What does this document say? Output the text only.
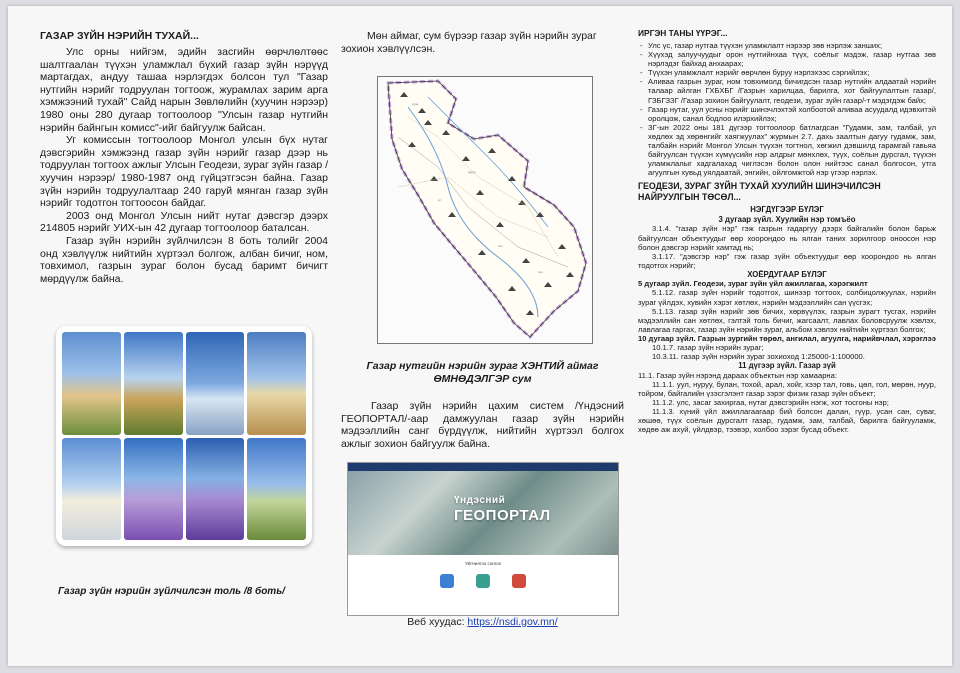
ГАЗАР ЗҮЙН НЭРИЙН ТУХАЙ...

Улс орны нийгэм, эдийн засгийн өөрчлөлтөөс шалтгаалан түүхэн уламжлал бүхий газар зүйн нэрүүд мартагдах, андуу ташаа нэрлэгдэх болсон тул "Газар нутгийн нэрийг тодруулан тогтоож, журамлах зарим арга хэмжээний тухай" Сайд нарын Зөвлөлийн (хуучин нэрээр) 1980 оны 280 дугаар тогтоолоор "Улсын газар нутгийн нэрийн байнгын комисс"-ийг байгуулж байсан.

Уг комиссын тогтоолоор Монгол улсын бүх нутаг дэвсгэрийн хэмжээнд газар зүйн нэрийг газар дээр нь тодруулан тогтоох ажлыг Улсын Геодези, зураг зүйн газар /хуучин нэрээр/ 1980-1987 онд гүйцэтгэсэн байна. Газар зүйн нэрийн тодруулалтаар 240 гаруй мянган газар зүйн нэрийг тодотгон тогтоосон байдаг.

2003 онд Монгол Улсын нийт нутаг дэвсгэр дээрх 214805 нэрийг УИХ-ын 42 дугаар тогтоолоор баталсан.

Газар зүйн нэрийн зүйлчилсэн 8 боть толийг 2004 онд хэвлүүлж нийтийн хүртээл болгож, албан бичиг, ном, товхимол, газрын зураг болон бусад баримт бичигт мөрдүүлж байна.

Газар зүйн нэрийн зүйлчилсэн толь /8 боть/

Мөн аймаг, сум бүрээр газар зүйн нэрийн зураг зохион хэвлүүлсэн.

ууль
нуруу
гол
ус
тал
Газар нутгийн нэрийн зураг ХЭНТИЙ аймаг
ӨМНӨДЭЛГЭР сум

Газар зүйн нэрийн цахим систем /Үндэсний ГЕОПОРТАЛ/-аар дамжуулан газар зүйн нэрийн мэдээллийн санг бүрдүүлж, нийтийн хүртээл болгох ажлыг зохион байгуулж байна.

Үндэсний
ГЕОПОРТАЛ
Үйлчилгээ сонгох
Веб хуудас: https://nsdi.gov.mn/
ИРГЭН ТАНЫ ҮҮРЭГ...
- Улс үс, газар нутгаа түүхэн уламжлалт нэрээр зөв нэрлэж занших;
- Хүүхэд залуучуудыг орон нутгийнхаа түүх, соёлыг мэдэж, газар нутгаа зөв нэрлэдэг байхад анхаарах;
- Түүхэн уламжлалт нэрийг өөрчлөн буруу нэрлэхээс сэргийлэх;
- Аливаа газрын зураг, ном товхимолд бичигдсэн газар нутгийн алдаатай нэрийн талаар айлган ГХБХБГ /Газрын харилцаа, барилга, хот байгуулалтын газар/, ГЗБГЗЗГ /Газар зохион байгуулалт, геодези, зураг зүйн газар/-т мэдэгдэж байх;
- Газар нутаг, уул усны нэрийг шинэчлэхтэй холбоотой аливаа асуудалд идэвхитэй оролцож, санал бодлоо илэрхийлэх;
- ЗГ-ын 2022 оны 181 дүгээр тогтоолоор батлагдсан "Гудамж, зам, талбай, ул хөдлөх эд хөрөнгийг хаягжуулах" журмын 2.7. дахь заалтын дагуу гудамж, зам, талбайн нэрийг Монгол Улсын түүхэн тогтнол, хөгжил дэвшилд гарамгай гавьяа байгуулсан түүхэн хүмүүсийн нэр алдрыг мөнхлөх, түүх, соёлын дурсгал, түүхэн уламжлалыг хадгалахад чиглэсэн болон олон нийтээс санал болгосон, утга агуулгын хувьд уялдаатай, энгийн, ойлгомжтой нэр үгээр нэрлэх.
ГЕОДЕЗИ, ЗУРАГ ЗҮЙН ТУХАЙ ХУУЛИЙН ШИНЭЧИЛСЭН НАЙРУУЛГЫН ТӨСӨЛ...

НЭГДҮГЭЭР БҮЛЭГ

3 дугаар зүйл. Хуулийн нэр томъёо

3.1.4. "газар зүйн нэр" гэж газрын гадаргуу дээрх байгалийн болон барьж байгуулсан объектуудыг өөр хоорондоо нь ялган таних зорилгоор оноосон нэр болон дэвсгэр нэрийг хамтад нь;

3.1.17. "дэвсгэр нэр" гэж газар зүйн объектуудыг өөр хоорондоо нь ялган тодотгох нэрийг;

ХОЁРДУГААР БҮЛЭГ

5 дугаар зүйл. Геодези, зураг зүйн үйл ажиллагаа, хэрэгжилт

5.1.12. газар зүйн нэрийг тодотгох, шинээр тогтоох, солбицолжуулах, нэрийн зураг үйлдэх, хувийн хэрэг хөтлөх, нэрийн мэдээллийн сан үүсгэх;

5.1.13. газар зүйн нэрийг зөв бичих, хөрвүүлэх, газрын зурагт тусгах, нэрийн мэдээллийн сан хөтлөх, гэлтэй толь бичиг, жагсаалт, лавлах боловсруулж хэвлэх, лавлагаа гаргах, газар зүйн нэрийн зураг, альбом хэвлэх нийтийн хүртээл болгох;

10 дугаар зүйл. Газрын зургийн төрөл, ангилал, агуулга, нарийвчлал, хэрэглээ

10.1.7. газар зүйн нэрийн зураг;

10.3.11. газар зүйн нэрийн зураг зохиоход 1:25000-1:100000.

11 дүгээр зүйл. Газар зүй

11.1. Газар зүйн нэрэнд дараах объектын нэр хамаарна:

11.1.1. уул, нуруу, булан, тохой, арал, хойг, хээр тал, говь, цөл, гол, мөрөн, нуур, тойром, байгалийн үзэсгэлэнт газар зэрэг физик газар зүйн объект;

11.1.2. улс, засаг захиргаа, нутаг дэвсгэрийн нэгж, хот тосгоны нэр;

11.1.3. хүний үйл ажиллагаагаар бий болсон далан, гүүр, усан сан, суваг, хөшөө, түүх соёлын дурсгалт газар, гудамж, зам, талбай, барилга байгууламж, хөдөө аж ахуй, үйлдвэр, тээвэр, холбоо зэрэг бусад объект.
